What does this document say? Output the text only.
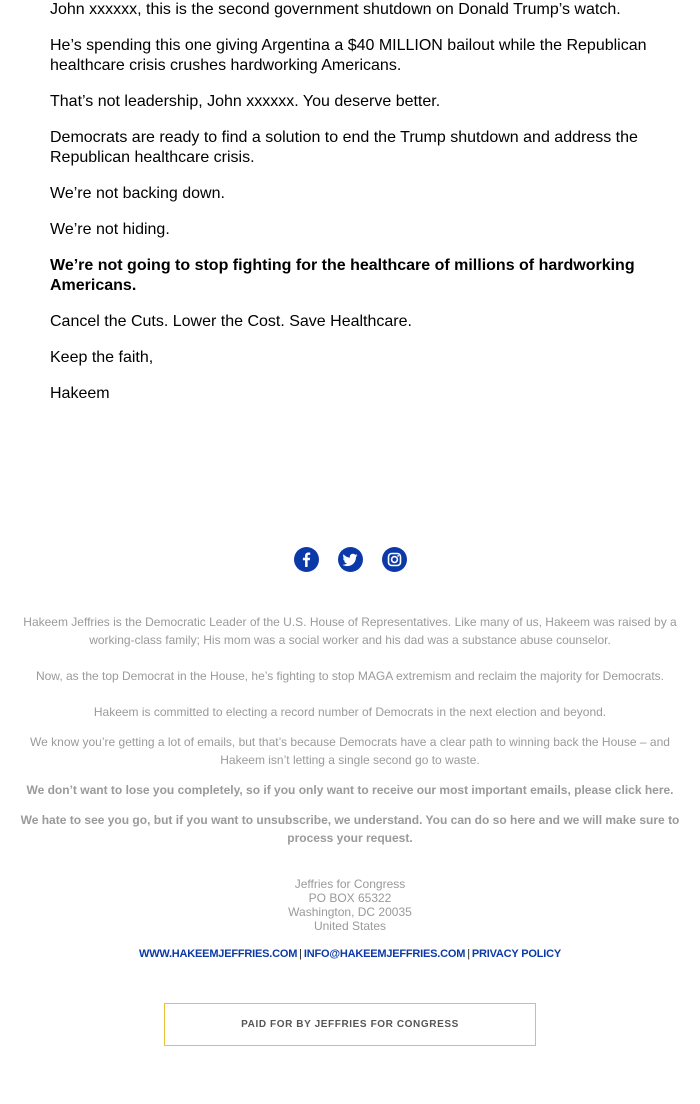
John xxxxxx, this is the second government shutdown on Donald Trump’s watch.

He’s spending this one giving Argentina a $40 MILLION bailout while the Republican healthcare crisis crushes hardworking Americans.

That’s not leadership, John xxxxxx. You deserve better.

Democrats are ready to find a solution to end the Trump shutdown and address the Republican healthcare crisis.

We’re not backing down.

We’re not hiding.

We’re not going to stop fighting for the healthcare of millions of hardworking Americans.

Cancel the Cuts. Lower the Cost. Save Healthcare.

Keep the faith,

Hakeem

Hakeem Jeffries is the Democratic Leader of the U.S. House of Representatives. Like many of us, Hakeem was raised by a working-class family; His mom was a social worker and his dad was a substance abuse counselor.
Now, as the top Democrat in the House, he’s fighting to stop MAGA extremism and reclaim the majority for Democrats.
Hakeem is committed to electing a record number of Democrats in the next election and beyond.
We know you’re getting a lot of emails, but that’s because Democrats have a clear path to winning back the House – and Hakeem isn’t letting a single second go to waste.
We don’t want to lose you completely, so if you only want to receive our most important emails, please click here.
We hate to see you go, but if you want to unsubscribe, we understand. You can do so here and we will make sure to process your request.
Jeffries for Congress
PO BOX 65322
Washington, DC 20035
United States
WWW.HAKEEMJEFFRIES.COM | INFO@HAKEEMJEFFRIES.COM | PRIVACY POLICY
PAID FOR BY JEFFRIES FOR CONGRESS
